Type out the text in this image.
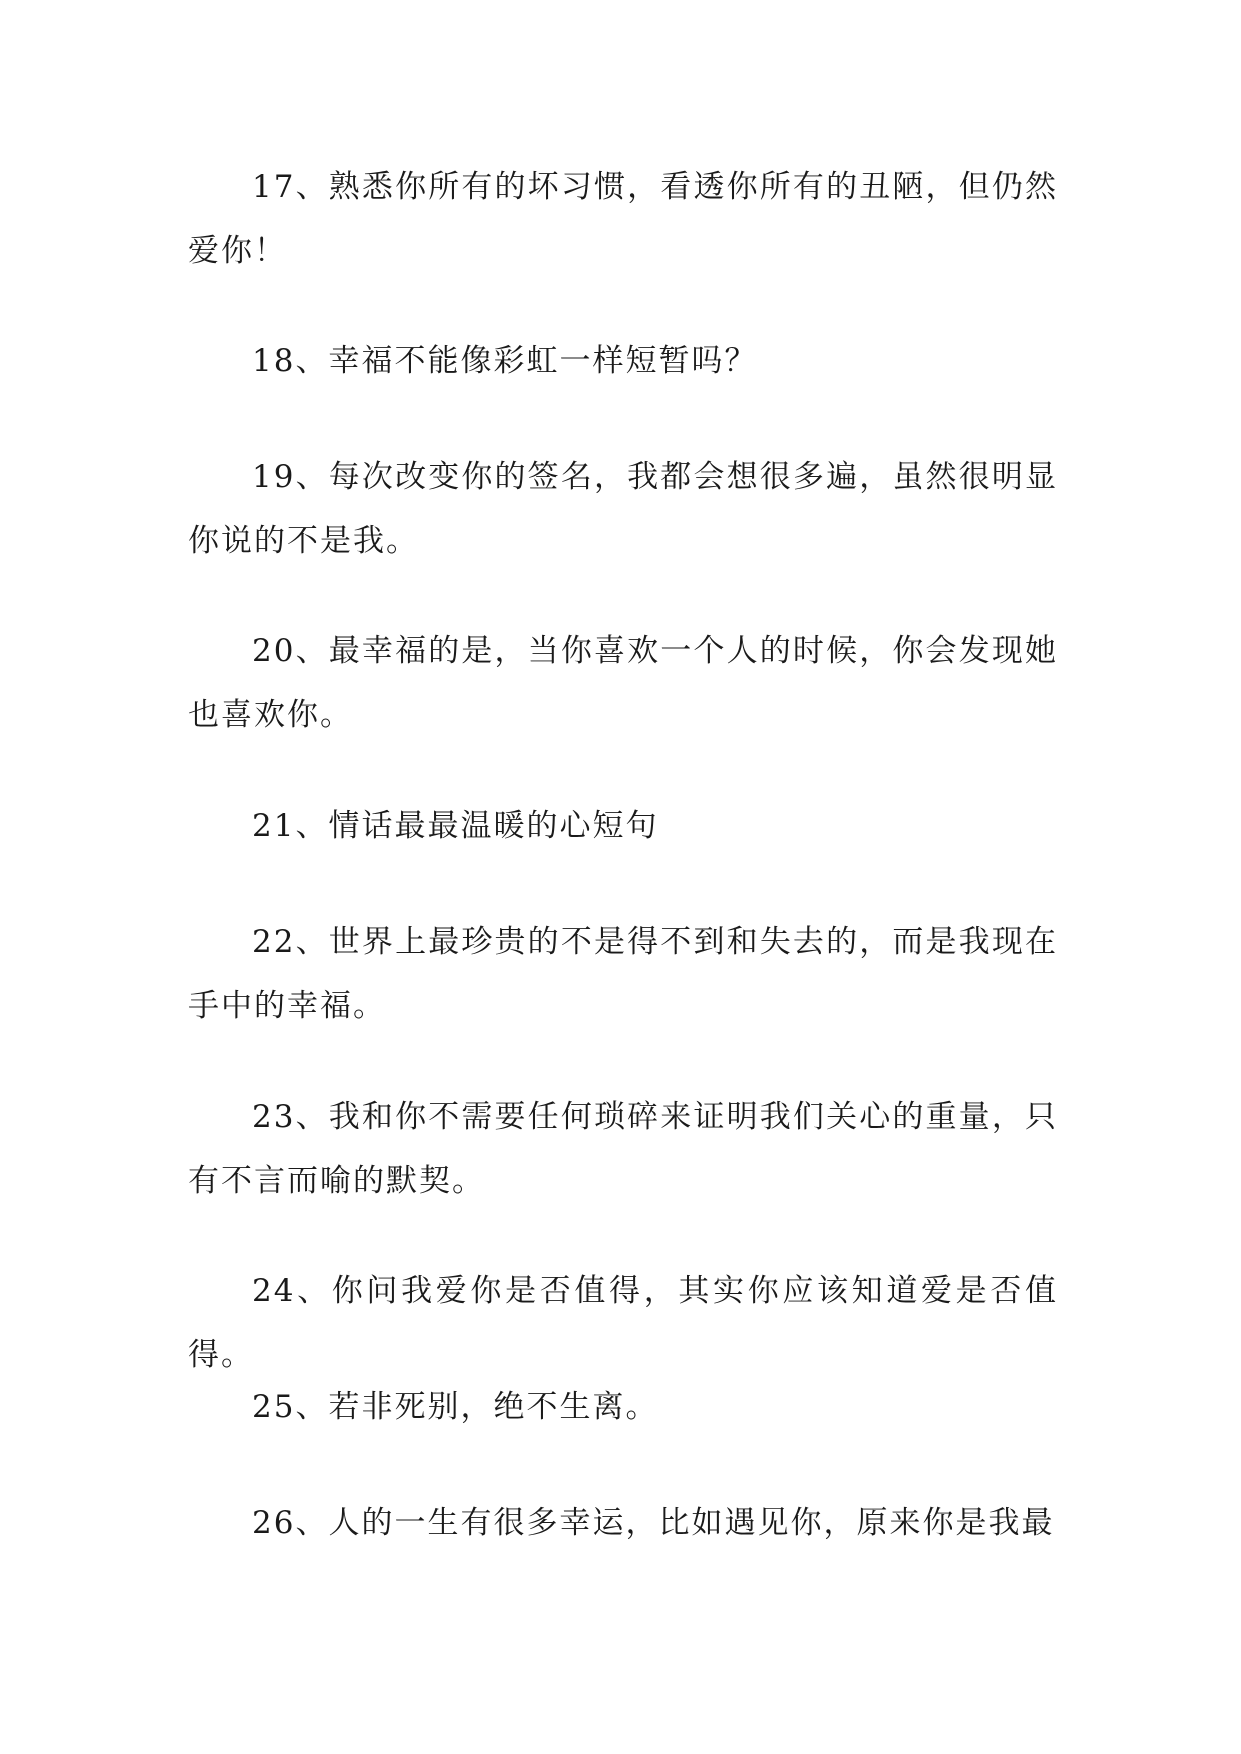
17、熟悉你所有的坏习惯，看透你所有的丑陋，但仍然爱你！

18、幸福不能像彩虹一样短暂吗？

19、每次改变你的签名，我都会想很多遍，虽然很明显你说的不是我。

20、最幸福的是，当你喜欢一个人的时候，你会发现她也喜欢你。

21、情话最最温暖的心短句

22、世界上最珍贵的不是得不到和失去的，而是我现在手中的幸福。

23、我和你不需要任何琐碎来证明我们关心的重量，只有不言而喻的默契。

24、你问我爱你是否值得，其实你应该知道爱是否值得。

25、若非死别，绝不生离。

26、人的一生有很多幸运，比如遇见你，原来你是我最
